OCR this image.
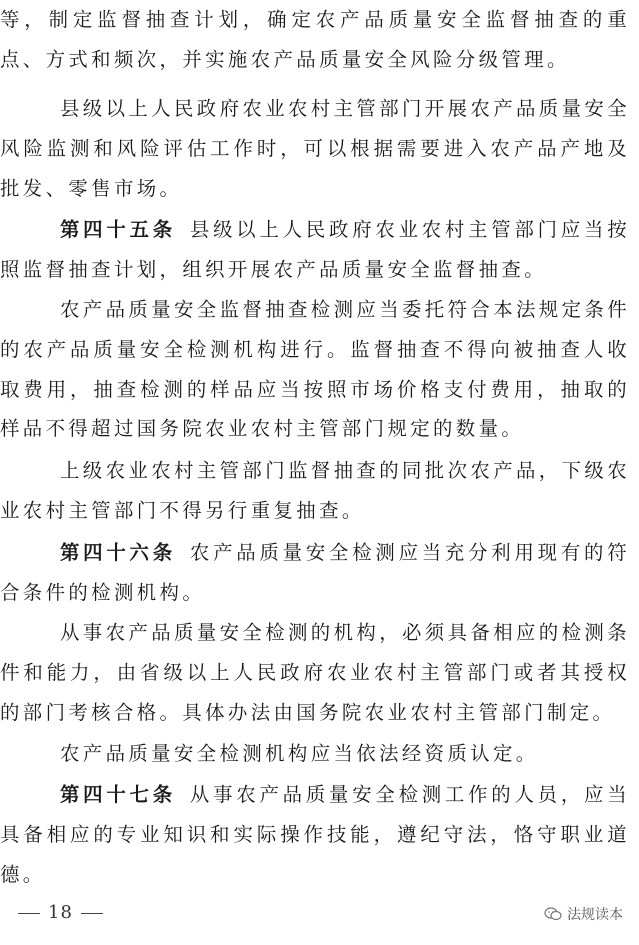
等，制定监督抽查计划，确定农产品质量安全监督抽查的重点、方式和频次，并实施农产品质量安全风险分级管理。

县级以上人民政府农业农村主管部门开展农产品质量安全风险监测和风险评估工作时，可以根据需要进入农产品产地及批发、零售市场。

第四十五条 县级以上人民政府农业农村主管部门应当按照监督抽查计划，组织开展农产品质量安全监督抽查。

农产品质量安全监督抽查检测应当委托符合本法规定条件的农产品质量安全检测机构进行。监督抽查不得向被抽查人收取费用，抽查检测的样品应当按照市场价格支付费用，抽取的样品不得超过国务院农业农村主管部门规定的数量。

上级农业农村主管部门监督抽查的同批次农产品，下级农业农村主管部门不得另行重复抽查。

第四十六条 农产品质量安全检测应当充分利用现有的符合条件的检测机构。

从事农产品质量安全检测的机构，必须具备相应的检测条件和能力，由省级以上人民政府农业农村主管部门或者其授权的部门考核合格。具体办法由国务院农业农村主管部门制定。

农产品质量安全检测机构应当依法经资质认定。

第四十七条 从事农产品质量安全检测工作的人员，应当具备相应的专业知识和实际操作技能，遵纪守法，恪守职业道德。

18	法规读本
